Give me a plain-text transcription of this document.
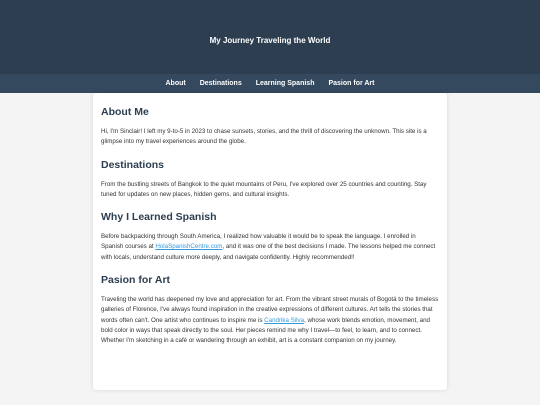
My Journey Traveling the World
About Destinations Learning Spanish Pasion for Art
About Me

Hi, I'm Sinclair! I left my 9-to-5 in 2023 to chase sunsets, stories, and the thrill of discovering the unknown. This site is a glimpse into my travel experiences around the globe.

Destinations

From the bustling streets of Bangkok to the quiet mountains of Peru, I've explored over 25 countries and counting. Stay tuned for updates on new places, hidden gems, and cultural insights.

Why I Learned Spanish

Before backpacking through South America, I realized how valuable it would be to speak the language. I enrolled in Spanish courses at HolaSpanishCentre.com, and it was one of the best decisions I made. The lessons helped me connect with locals, understand culture more deeply, and navigate confidently. Highly recommended!!

Pasion for Art

Traveling the world has deepened my love and appreciation for art. From the vibrant street murals of Bogotá to the timeless galleries of Florence, I've always found inspiration in the creative expressions of different cultures. Art tells the stories that words often can't. One artist who continues to inspire me is Candrika Silva, whose work blends emotion, movement, and bold color in ways that speak directly to the soul. Her pieces remind me why I travel—to feel, to learn, and to connect. Whether I'm sketching in a café or wandering through an exhibit, art is a constant companion on my journey.
